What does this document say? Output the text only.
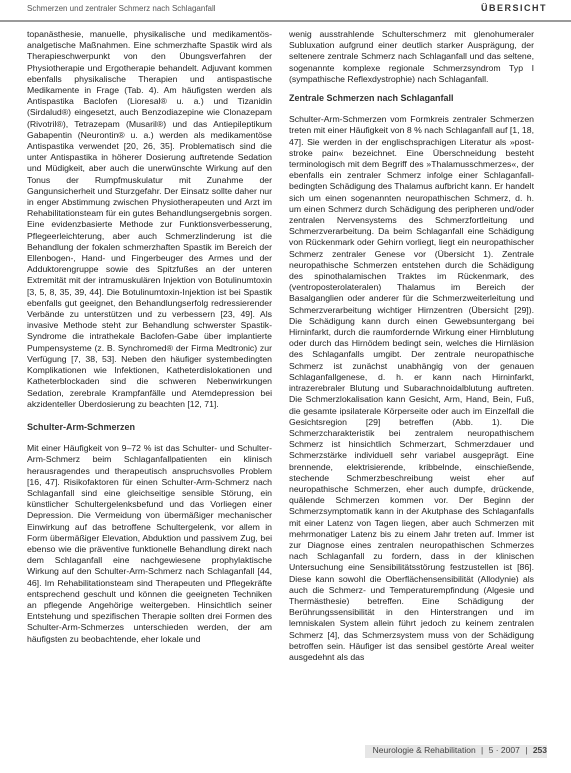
Schmerzen und zentraler Schmerz nach Schlaganfall	ÜBERSICHT

topanästhesie, manuelle, physikalische und medikamentös-analgetische Maßnahmen. Eine schmerzhafte Spastik wird als Therapieschwerpunkt von den Übungsverfahren der Physiotherapie und Ergotherapie behandelt. Adjuvant kommen ebenfalls physikalische Therapien und antispastische Medikamente in Frage (Tab. 4). Am häufigsten werden als Antispastika Baclofen (Lioresal® u. a.) und Tizanidin (Sirdalud®) eingesetzt, auch Benzodiazepine wie Clonazepam (Rivotril®), Tetrazepam (Musaril®) und das Antiepileptikum Gabapentin (Neurontin® u. a.) werden als medikamentöse Antispastika verwendet [20, 26, 35]. Problematisch sind die unter Antispastika in höherer Dosierung auftretende Sedation und Müdigkeit, aber auch die unerwünschte Wirkung auf den Tonus der Rumpfmuskulatur mit Zunahme der Gangunsicherheit und Sturzgefahr. Der Einsatz sollte daher nur in enger Abstimmung zwischen Physiotherapeuten und Arzt im Rehabilitationsteam für ein gutes Behandlungsergebnis sorgen. Eine evidenzbasierte Methode zur Funktionsverbesserung, Pflegeerleichterung, aber auch Schmerzlinderung ist die Behandlung der fokalen schmerzhaften Spastik im Bereich der Ellenbogen-, Hand- und Fingerbeuger des Armes und der Adduktorengruppe sowie des Spitzfußes an der unteren Extremität mit der intramuskulären Injektion von Botulinumtoxin [3, 5, 8, 35, 39, 44]. Die Botulinumtoxin-Injektion ist bei Spastik ebenfalls gut geeignet, den Behandlungserfolg redressierender Verbände zu unterstützen und zu verbessern [23, 49]. Als invasive Methode steht zur Behandlung schwerster Spastik-Syndrome die intrathekale Baclofen-Gabe über implantierte Pumpensysteme (z. B. Synchromed® der Firma Medtronic) zur Verfügung [7, 38, 53]. Neben den häufiger systembedingten Komplikationen wie Infektionen, Katheterdislokationen und Katheterblockaden sind die schweren Nebenwirkungen Sedation, zerebrale Krampfanfälle und Atemdepression bei akzidenteller Überdosierung zu beachten [12, 71].

Schulter-Arm-Schmerzen

Mit einer Häufigkeit von 9–72 % ist das Schulter- und Schulter-Arm-Schmerz beim Schlaganfallpatienten ein klinisch herausragendes und therapeutisch anspruchsvolles Problem [16, 47]. Risikofaktoren für einen Schulter-Arm-Schmerz nach Schlaganfall sind eine gleichseitige sensible Störung, ein künstlicher Schultergelenksbefund und das Vorliegen einer Depression. Die Vermeidung von übermäßiger mechanischer Einwirkung auf das betroffene Schultergelenk, vor allem in Form übermäßiger Elevation, Abduktion und passivem Zug, bei ebenso wie die präventive funktionelle Behandlung direkt nach dem Schlaganfall eine nachgewiesene prophylaktische Wirkung auf den Schulter-Arm-Schmerz nach Schlaganfall [44, 46]. Im Rehabilitationsteam sind Therapeuten und Pflegekräfte entsprechend geschult und können die geeigneten Techniken an pflegende Angehörige weitergeben. Hinsichtlich seiner Entstehung und spezifischen Therapie sollten drei Formen des Schulter-Arm-Schmerzes unterschieden werden, der am häufigsten zu beobachtende, eher lokale und

wenig ausstrahlende Schulterschmerz mit glenohumeraler Subluxation aufgrund einer deutlich starker Ausprägung, der seltenere zentrale Schmerz nach Schlaganfall und das seltene, sogenannte komplexe regionale Schmerzsyndrom Typ I (sympathische Reflexdystrophie) nach Schlaganfall.

Zentrale Schmerzen nach Schlaganfall

Schulter-Arm-Schmerzen vom Formkreis zentraler Schmerzen treten mit einer Häufigkeit von 8 % nach Schlaganfall auf [1, 18, 47]. Sie werden in der englischsprachigen Literatur als »post-stroke pain« bezeichnet. Eine Überschneidung besteht terminologisch mit dem Begriff des »Thalamusschmerzes«, der ebenfalls ein zentraler Schmerz infolge einer Schlaganfall-bedingten Schädigung des Thalamus aufbricht kann. Er handelt sich um einen sogenannten neuropathischen Schmerz, d. h. um einen Schmerz durch Schädigung des peripheren und/oder zentralen Nervensystems des Schmerzfortleitung und Schmerzverarbeitung. Da beim Schlaganfall eine Schädigung von Rückenmark oder Gehirn vorliegt, liegt ein neuropathischer Schmerz zentraler Genese vor (Übersicht 1). Zentrale neuropathische Schmerzen entstehen durch die Schädigung des spinothalamischen Traktes im Rückenmark, des (ventroposterolateralen) Thalamus im Bereich der Basalganglien oder anderer für die Schmerzweiterleitung und Schmerzverarbeitung wichtiger Hirnzentren (Übersicht [29]). Die Schädigung kann durch einen Gewebsuntergang bei Hirninfarkt, durch die raumfordernde Wirkung einer Hirnblutung oder durch das Hirnödem bedingt sein, welches die Hirnläsion des Schlaganfalls umgibt. Der zentrale neuropathische Schmerz ist zunächst unabhängig von der genauen Schlaganfallgenese, d. h. er kann nach Hirninfarkt, intrazerebraler Blutung und Subarachnoidalblutung auftreten. Die Schmerzlokalisation kann Gesicht, Arm, Hand, Bein, Fuß, die gesamte ipsilaterale Körperseite oder auch im Einzelfall die Gesichtsregion [29] betreffen (Abb. 1). Die Schmerzcharakteristik bei zentralem neuropathischem Schmerz ist hinsichtlich Schmerzart, Schmerzdauer und Schmerzstärke individuell sehr variabel ausgeprägt. Eine brennende, elektrisierende, kribbelnde, einschießende, stechende Schmerzbeschreibung weist eher auf neuropathische Schmerzen, eher auch dumpfe, drückende, quälende Schmerzen kommen vor. Der Beginn der Schmerzsymptomatik kann in der Akutphase des Schlaganfalls mit einer Latenz von Tagen liegen, aber auch Schmerzen mit mehrmonatiger Latenz bis zu einem Jahr treten auf. Immer ist zur Diagnose eines zentralen neuropathischen Schmerzes nach Schlaganfall zu fordern, dass in der klinischen Untersuchung eine Sensibilitätsstörung festzustellen ist [86]. Diese kann sowohl die Oberflächensensibilität (Allodynie) als auch die Schmerz- und Temperaturempfindung (Algesie und Thermästhesie) betreffen. Eine Schädigung der Berührungssensibilität in den Hinterstrangen und im lemniskalen System allein führt jedoch zu keinem zentralen Schmerz [4], das Schmerzsystem muss von der Schädigung betroffen sein. Häufiger ist das sensibel gestörte Areal weiter ausgedehnt als das

Neurologie & Rehabilitation | 5 · 2007 | 253
